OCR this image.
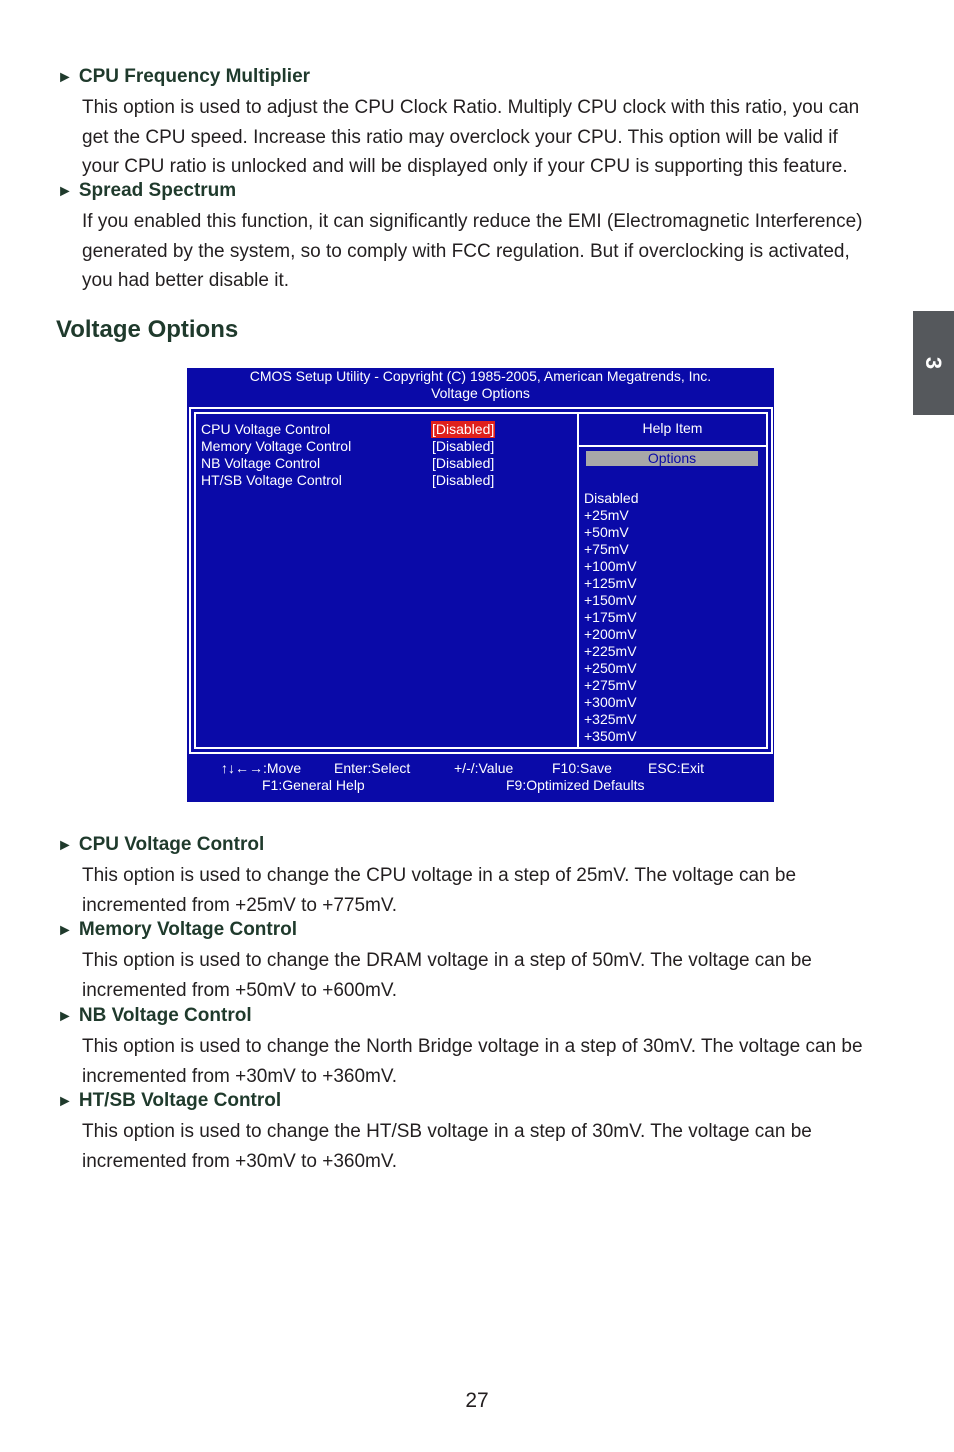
► CPU Frequency Multiplier
This option is used to adjust the CPU Clock Ratio. Multiply CPU clock with this ratio, you can
get the CPU speed. Increase this ratio may overclock your CPU. This option will be valid if
your CPU ratio is unlocked and will be displayed only if your CPU is supporting this feature.
► Spread Spectrum
If you enabled this function, it can significantly reduce the EMI (Electromagnetic Interference)
generated by the system, so to comply with FCC regulation. But if overclocking is activated,
you had better disable it.
Voltage Options
3
CMOS Setup Utility - Copyright (C) 1985-2005, American Megatrends, Inc.
Voltage Options
CPU Voltage Control	[Disabled]
Memory Voltage Control	[Disabled]
NB Voltage Control	[Disabled]
HT/SB Voltage Control	[Disabled]
Help Item
Options
Disabled
+25mV
+50mV
+75mV
+100mV
+125mV
+150mV
+175mV
+200mV
+225mV
+250mV
+275mV
+300mV
+325mV
+350mV
↑↓←→:Move Enter:Select	+/-/:Value	F10:Save	ESC:Exit
F1:General Help	F9:Optimized Defaults
► CPU Voltage Control
This option is used to change the CPU voltage in a step of 25mV. The voltage can be
incremented from +25mV to +775mV.
► Memory Voltage Control
This option is used to change the DRAM voltage in a step of 50mV. The voltage can be
incremented from +50mV to +600mV.
► NB Voltage Control
This option is used to change the North Bridge voltage in a step of 30mV. The voltage can be
incremented from +30mV to +360mV.
► HT/SB Voltage Control
This option is used to change the HT/SB voltage in a step of 30mV. The voltage can be
incremented from +30mV to +360mV.
27
